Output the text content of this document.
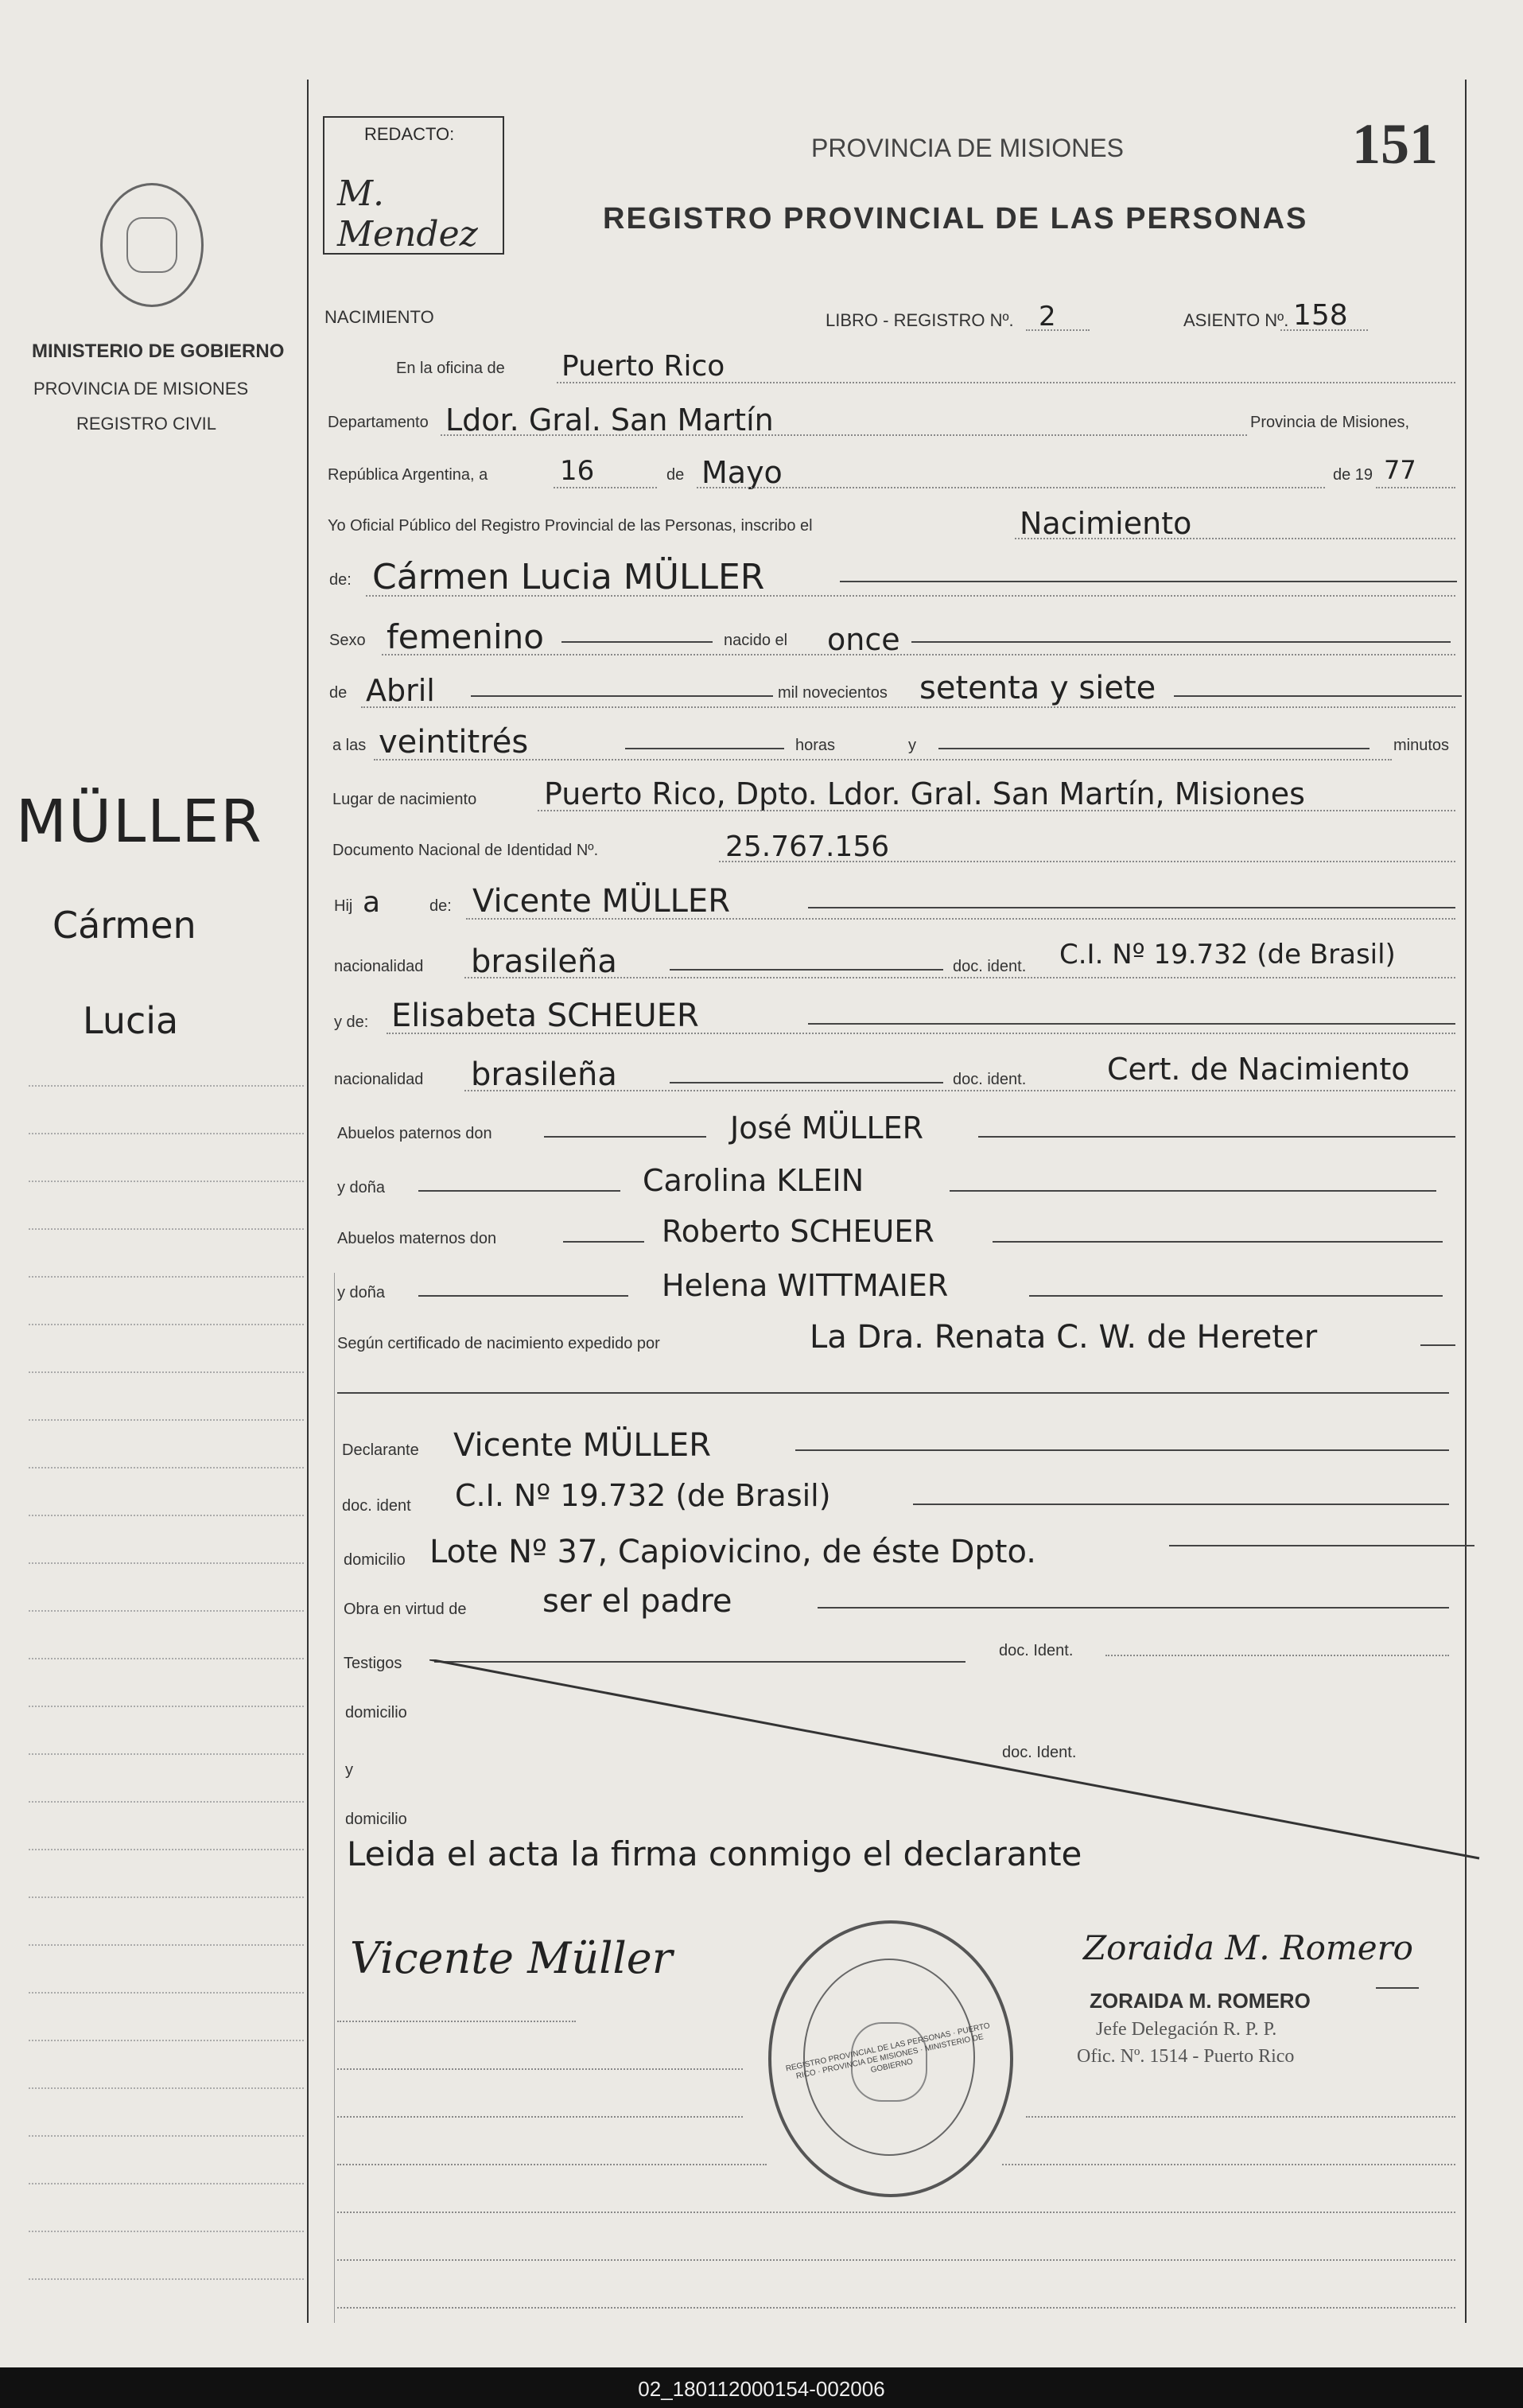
REDACTO:
M. Mendez
PROVINCIA DE MISIONES
REGISTRO PROVINCIAL DE LAS PERSONAS
151
MINISTERIO DE GOBIERNO
PROVINCIA DE MISIONES
REGISTRO CIVIL
MÜLLER
Cármen
Lucia
NACIMIENTO	LIBRO - REGISTRO Nº. 2	ASIENTO Nº. 158
En la oficina de Puerto Rico
Departamento Ldor. Gral. San Martín	Provincia de Misiones,
República Argentina, a	16	de Mayo	de 19 77
Yo Oficial Público del Registro Provincial de las Personas, inscribo el	Nacimiento
de: Cármen Lucia MÜLLER
Sexo femenino	nacido el once
de Abril	mil novecientos setenta y siete
a las veintitrés	horas	y	minutos
Lugar de nacimiento Puerto Rico, Dpto. Ldor. Gral. San Martín, Misiones
Documento Nacional de Identidad Nº.	25.767.156
Hij a	de: Vicente MÜLLER
nacionalidad brasileña	doc. ident. C.I. Nº 19.732 (de Brasil)
y de: Elisabeta SCHEUER
nacionalidad brasileña	doc. ident.	Cert. de Nacimiento
Abuelos paternos don	José MÜLLER
y doña	Carolina KLEIN
Abuelos maternos don	Roberto SCHEUER
y doña	Helena WITTMAIER
Según certificado de nacimiento expedido por	La Dra. Renata C. W. de Hereter
Declarante Vicente MÜLLER
doc. ident C.I. Nº 19.732 (de Brasil)
domicilio Lote Nº 37, Capiovicino, de éste Dpto.
Obra en virtud de ser el padre
Testigos
doc. Ident.
domicilio
y
doc. Ident.
domicilio
Leida el acta la firma conmigo el declarante
Vicente Müller
REGISTRO PROVINCIAL DE LAS PERSONAS · PUERTO RICO · PROVINCIA DE MISIONES · MINISTERIO DE GOBIERNO
Zoraida M. Romero
ZORAIDA M. ROMERO
Jefe Delegación R. P. P.
Ofic. Nº. 1514 - Puerto Rico
02_180112000154-002006
